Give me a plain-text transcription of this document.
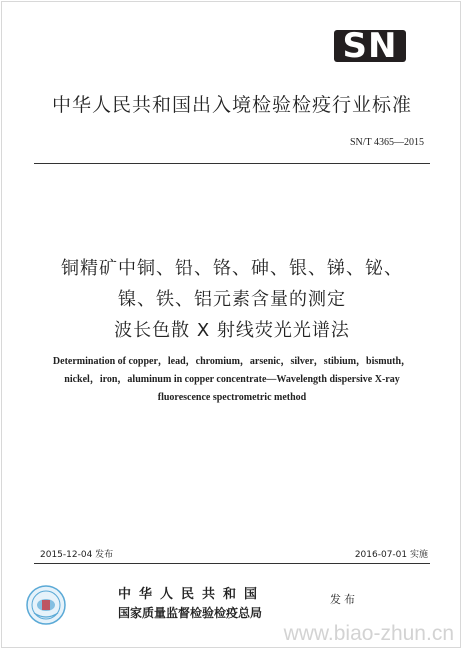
SN
中华人民共和国出入境检验检疫行业标准
SN/T 4365—2015
铜精矿中铜、铅、铬、砷、银、锑、铋、
镍、铁、铝元素含量的测定
波长色散 X 射线荧光光谱法
Determination of copper，lead，chromium，arsenic，silver，stibium，bismuth，
nickel，iron，aluminum in copper concentrate—Wavelength dispersive X-ray
fluorescence spectrometric method
2015-12-04 发布	2016-07-01 实施
中华人民共和国
国家质量监督检验检疫总局
发布
www.biao-zhun.cn
